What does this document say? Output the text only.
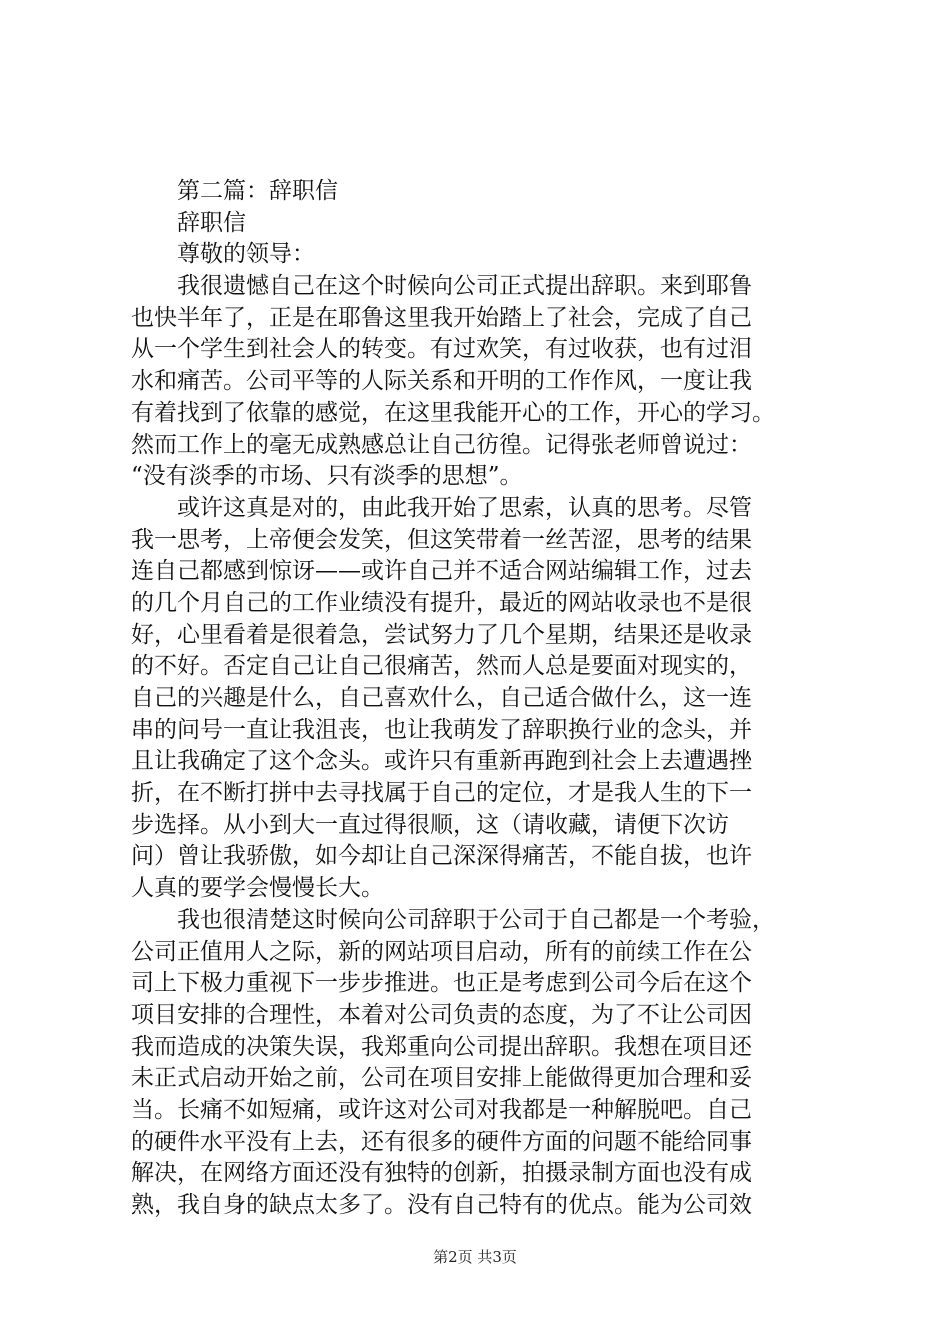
第二篇：辞职信
辞职信
尊敬的领导：
我很遗憾自己在这个时候向公司正式提出辞职。来到耶鲁
也快半年了，正是在耶鲁这里我开始踏上了社会，完成了自己
从一个学生到社会人的转变。有过欢笑，有过收获，也有过泪
水和痛苦。公司平等的人际关系和开明的工作作风，一度让我
有着找到了依靠的感觉，在这里我能开心的工作，开心的学习。
然而工作上的毫无成熟感总让自己彷徨。记得张老师曾说过：
“没有淡季的市场、只有淡季的思想”。
或许这真是对的，由此我开始了思索，认真的思考。尽管
我一思考，上帝便会发笑，但这笑带着一丝苦涩，思考的结果
连自己都感到惊讶——或许自己并不适合网站编辑工作，过去
的几个月自己的工作业绩没有提升，最近的网站收录也不是很
好，心里看着是很着急，尝试努力了几个星期，结果还是收录
的不好。否定自己让自己很痛苦，然而人总是要面对现实的，
自己的兴趣是什么，自己喜欢什么，自己适合做什么，这一连
串的问号一直让我沮丧，也让我萌发了辞职换行业的念头，并
且让我确定了这个念头。或许只有重新再跑到社会上去遭遇挫
折，在不断打拼中去寻找属于自己的定位，才是我人生的下一
步选择。从小到大一直过得很顺，这（请收藏，请便下次访
问）曾让我骄傲，如今却让自己深深得痛苦，不能自拔，也许
人真的要学会慢慢长大。
我也很清楚这时候向公司辞职于公司于自己都是一个考验，
公司正值用人之际，新的网站项目启动，所有的前续工作在公
司上下极力重视下一步步推进。也正是考虑到公司今后在这个
项目安排的合理性，本着对公司负责的态度，为了不让公司因
我而造成的决策失误，我郑重向公司提出辞职。我想在项目还
未正式启动开始之前，公司在项目安排上能做得更加合理和妥
当。长痛不如短痛，或许这对公司对我都是一种解脱吧。自己
的硬件水平没有上去，还有很多的硬件方面的问题不能给同事
解决，在网络方面还没有独特的创新，拍摄录制方面也没有成
熟，我自身的缺点太多了。没有自己特有的优点。能为公司效
第2页 共3页
